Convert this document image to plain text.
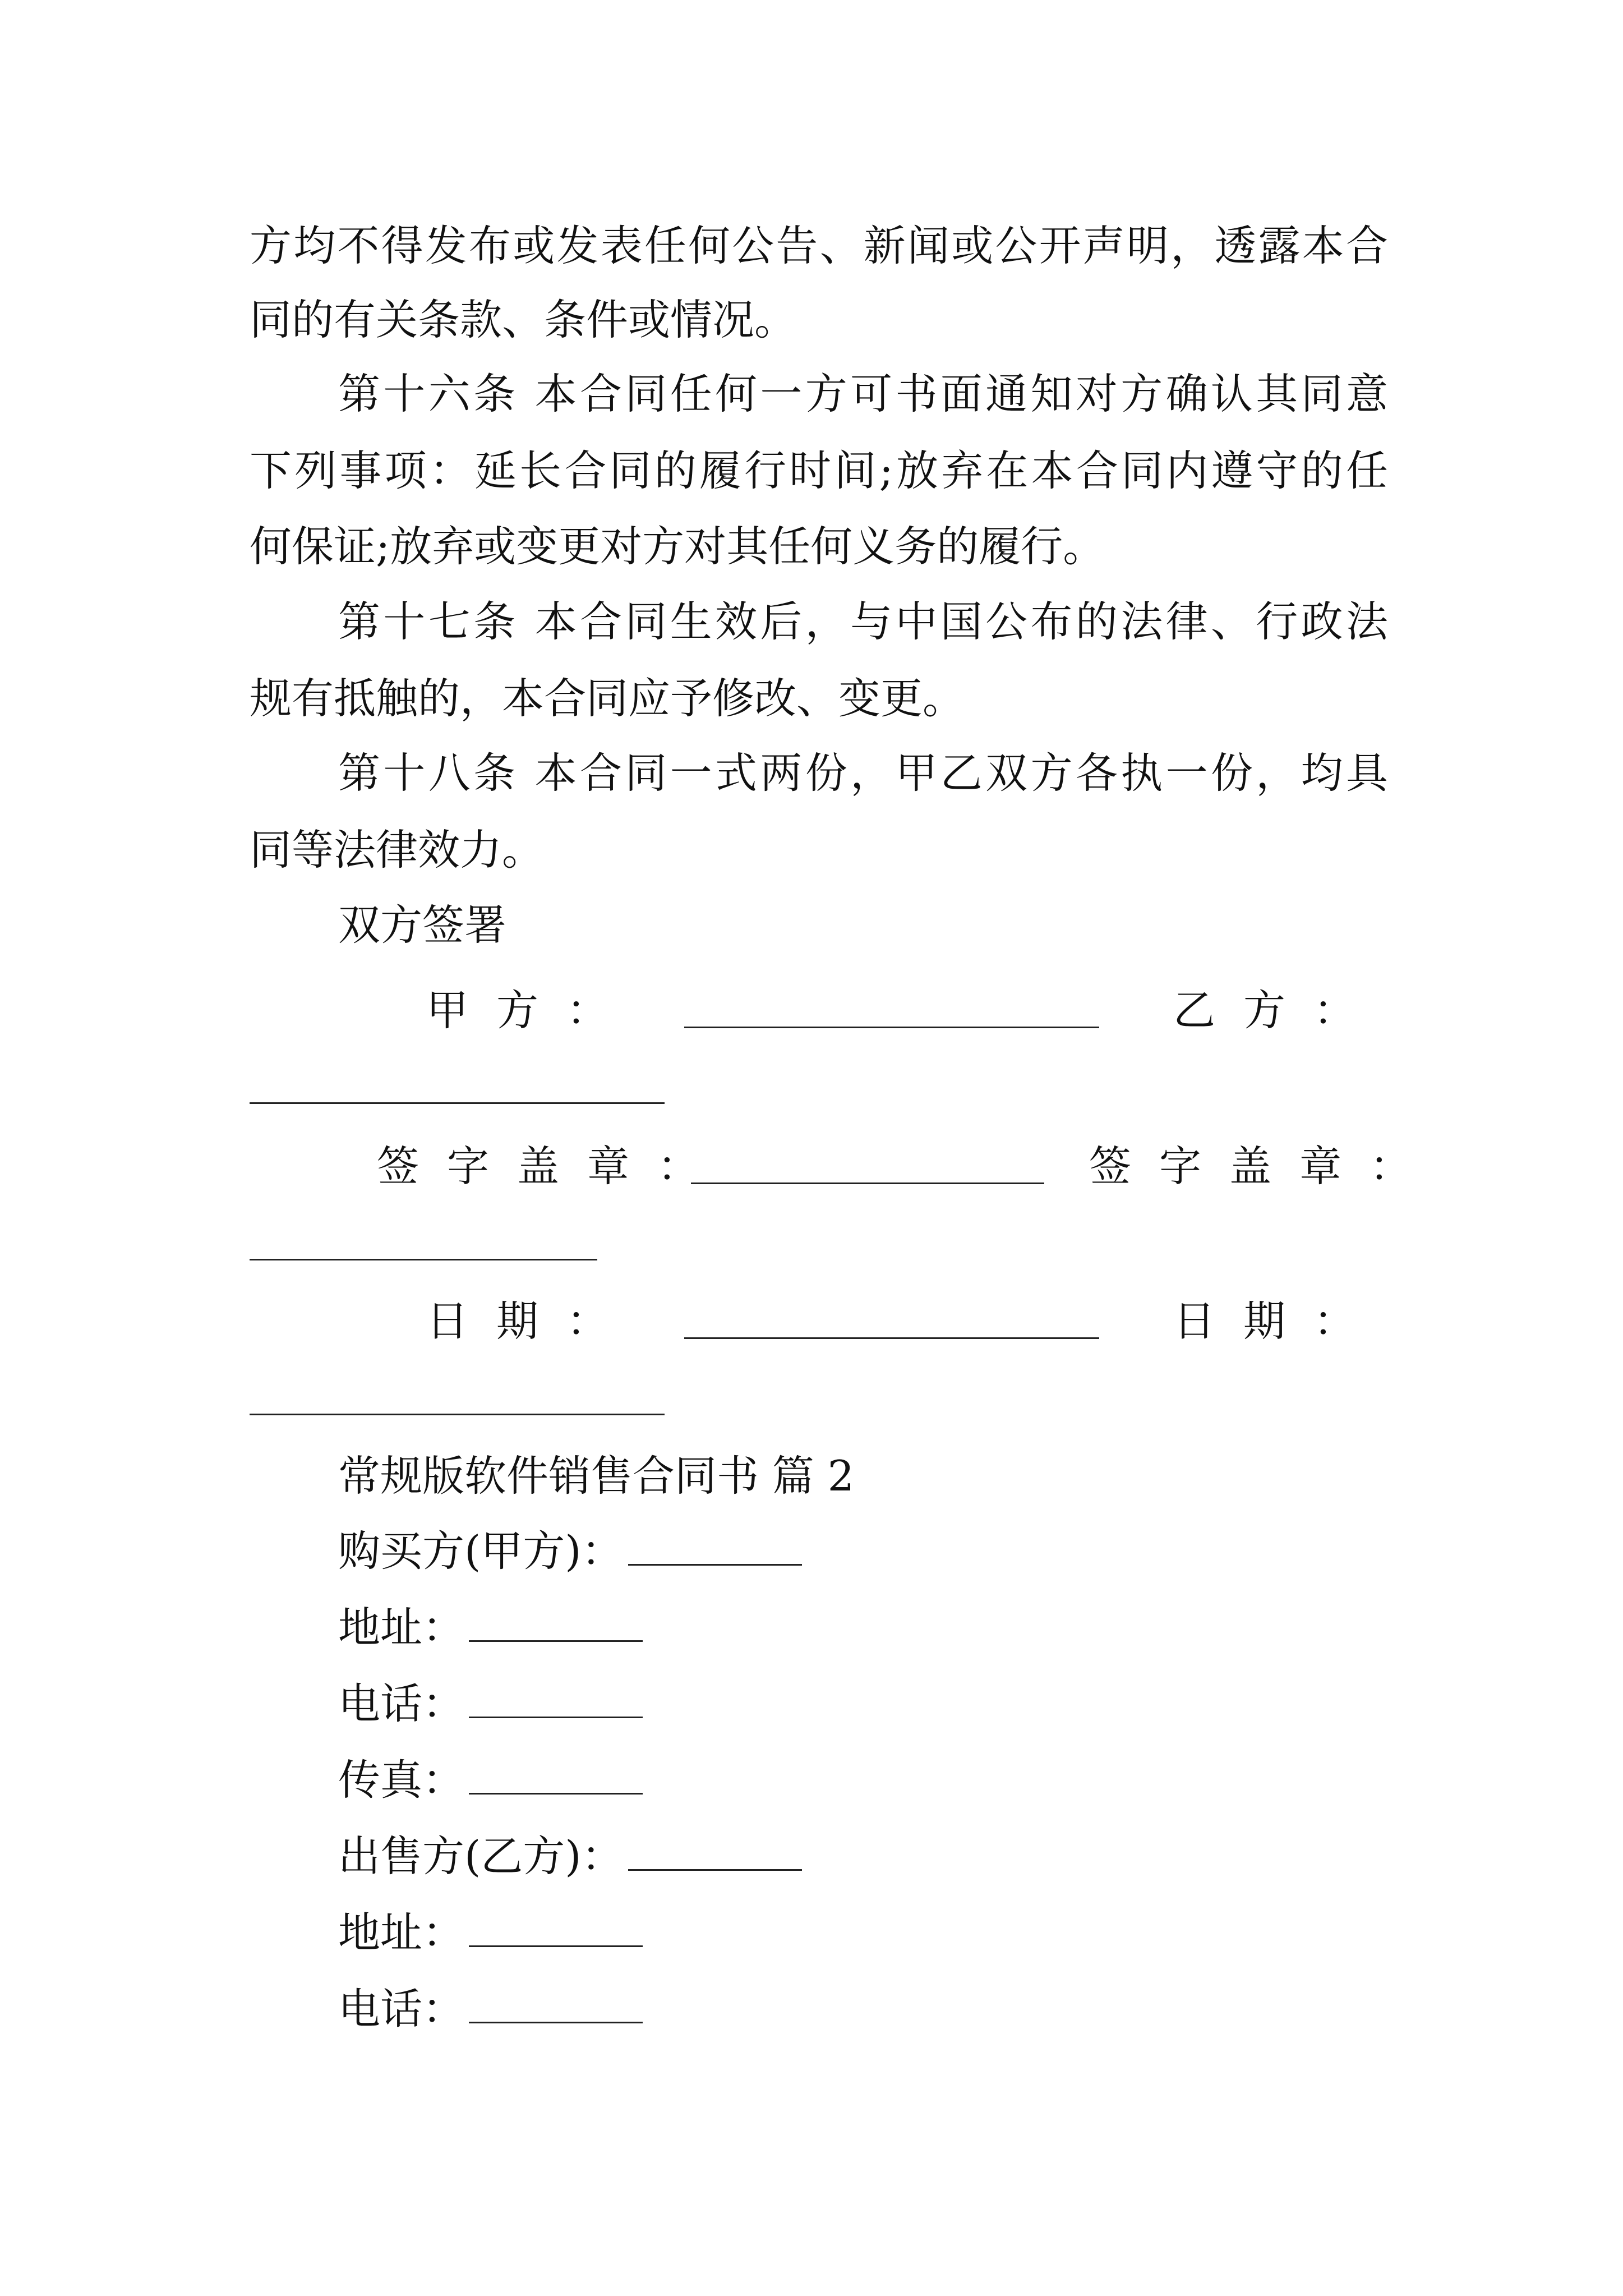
方均不得发布或发表任何公告、新闻或公开声明，透露本合
同的有关条款、条件或情况。
第十六条 本合同任何一方可书面通知对方确认其同意
下列事项：延长合同的履行时间;放弃在本合同内遵守的任
何保证;放弃或变更对方对其任何义务的履行。
第十七条 本合同生效后，与中国公布的法律、行政法
规有抵触的，本合同应予修改、变更。
第十八条 本合同一式两份，甲乙双方各执一份，均具
同等法律效力。
双方签署
甲方：	乙方：
签字盖章：	签字盖章：
日期：	日期：
常规版软件销售合同书 篇 2
购买方(甲方)：
地址：
电话：
传真：
出售方(乙方)：
地址：
电话：
